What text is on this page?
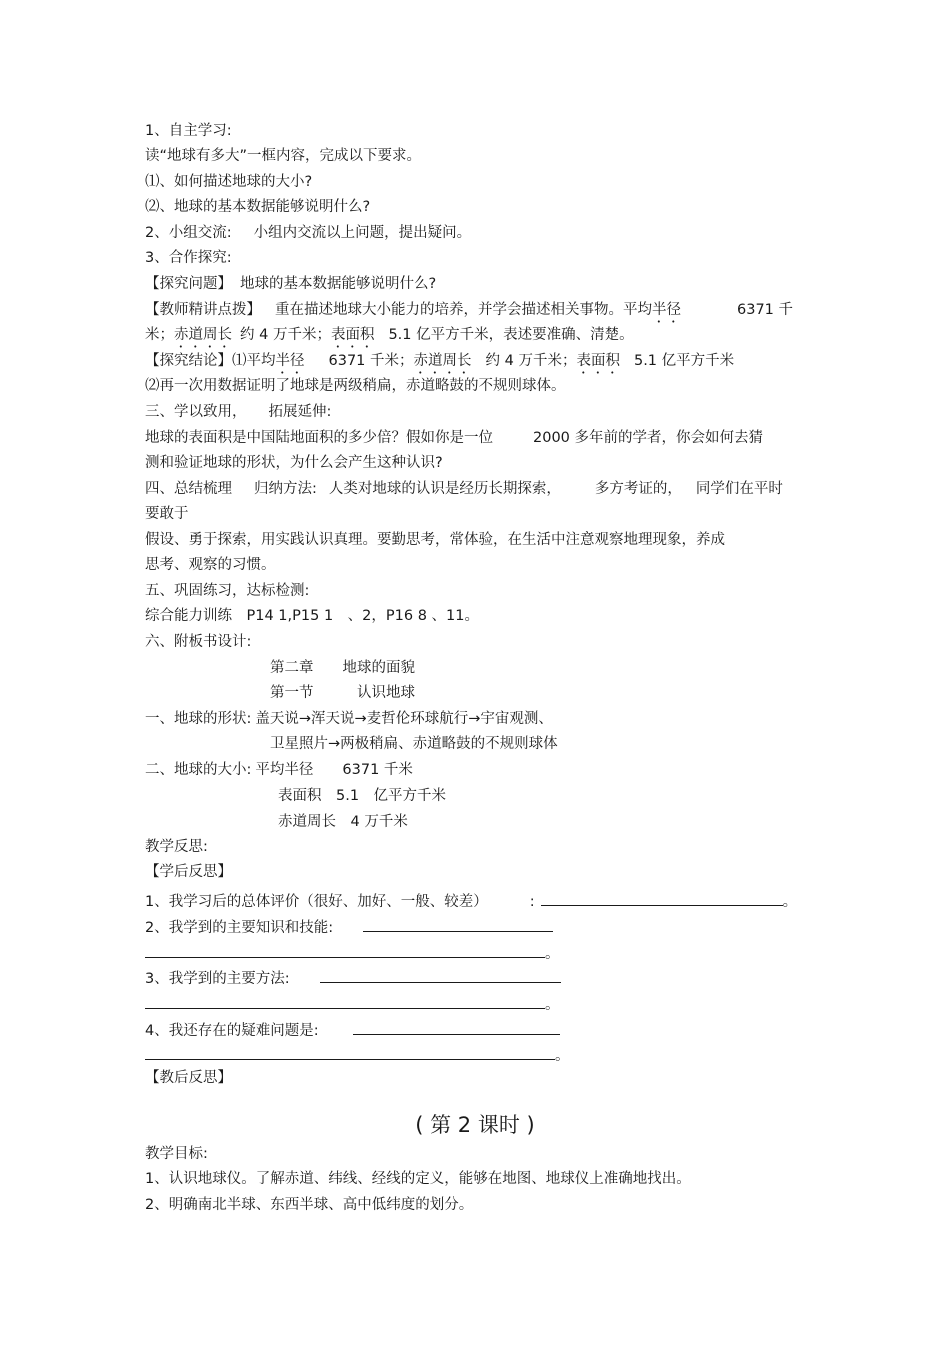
1、自主学习:
读“地球有多大”一框内容，完成以下要求。
⑴、如何描述地球的大小?
⑵、地球的基本数据能够说明什么?
2、小组交流: 小组内交流以上问题，提出疑问。
3、合作探究:
【探究问题】 地球的基本数据能够说明什么?
【教师精讲点拨】 重在描述地球大小能力的培养，并学会描述相关事物。平均半径	6371 千
米；赤道周长 约 4 万千米；表面积 5.1 亿平方千米，表述要准确、清楚。
【探究结论】⑴平均半径 6371 千米；赤道周长 约 4 万千米；表面积 5.1 亿平方千米
⑵再一次用数据证明了地球是两级稍扁，赤道略鼓的不规则球体。
三、学以致用， 拓展延伸:
地球的表面积是中国陆地面积的多少倍？假如你是一位	2000 多年前的学者，你会如何去猜
测和验证地球的形状，为什么会产生这种认识?
四、总结梳理 归纳方法: 人类对地球的认识是经历长期探索， 多方考证的， 同学们在平时
要敢于
假设、勇于探索，用实践认识真理。要勤思考，常体验，在生活中注意观察地理现象，养成
思考、观察的习惯。
五、巩固练习，达标检测:
综合能力训练　P14 1,P15 1　、2，P16 8 、11。
六、附板书设计:
第二章　　地球的面貌
第一节　　　认识地球
一、地球的形状: 盖天说→浑天说→麦哲伦环球航行→宇宙观测、
卫星照片→两极稍扁、赤道略鼓的不规则球体
二、地球的大小: 平均半径　　6371 千米
表面积　5.1　亿平方千米
赤道周长　4 万千米
教学反思:
【学后反思】
1、我学习后的总体评价（很好、加好、一般、较差）	:	。
2、我学到的主要知识和技能:
。
3、我学到的主要方法:
。
4、我还存在的疑难问题是:
。
【教后反思】
( 第 2 课时 )
教学目标:
1、认识地球仪。了解赤道、纬线、经线的定义，能够在地图、地球仪上准确地找出。
2、明确南北半球、东西半球、高中低纬度的划分。
